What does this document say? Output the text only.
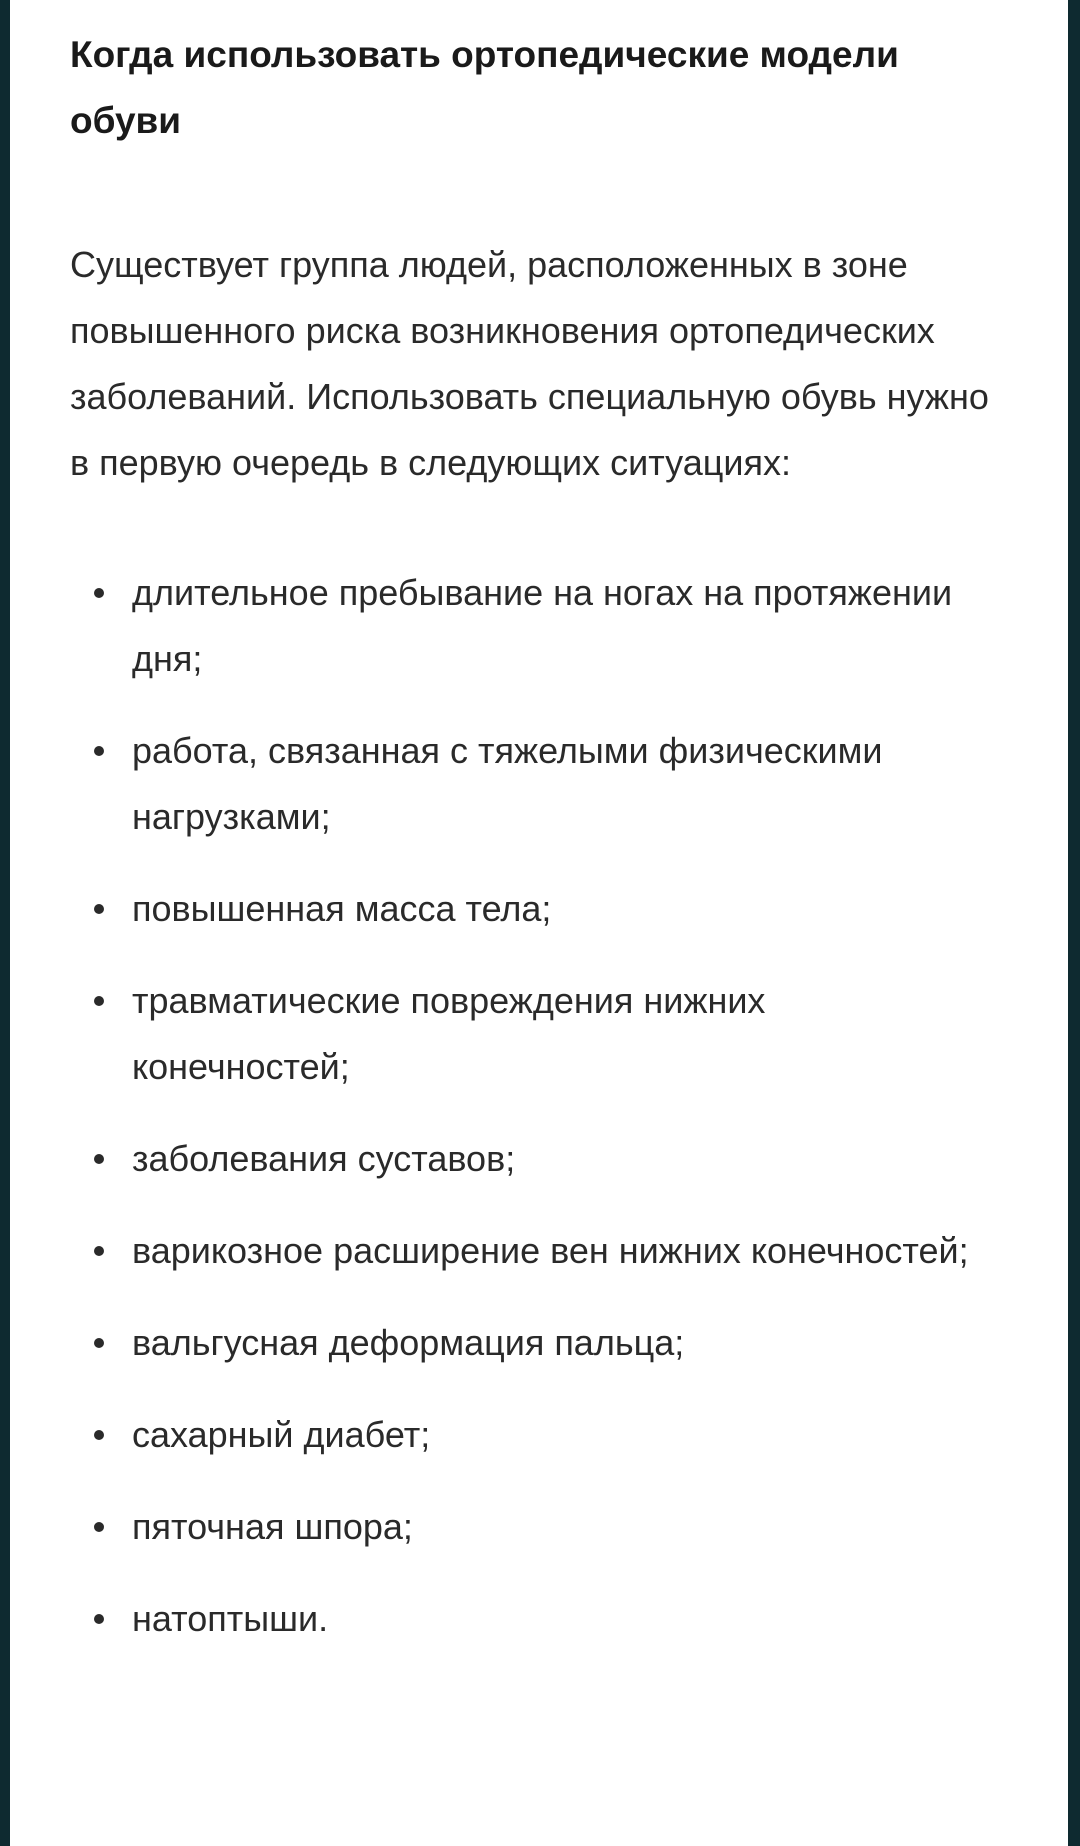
Когда использовать ортопедические модели обуви

Существует группа людей, расположенных в зоне повышенного риска возникновения ортопедических заболеваний. Использовать специальную обувь нужно в первую очередь в следующих ситуациях:

длительное пребывание на ногах на протяжении дня;
работа, связанная с тяжелыми физическими нагрузками;
повышенная масса тела;
травматические повреждения нижних конечностей;
заболевания суставов;
варикозное расширение вен нижних конечностей;
вальгусная деформация пальца;
сахарный диабет;
пяточная шпора;
натоптыши.
